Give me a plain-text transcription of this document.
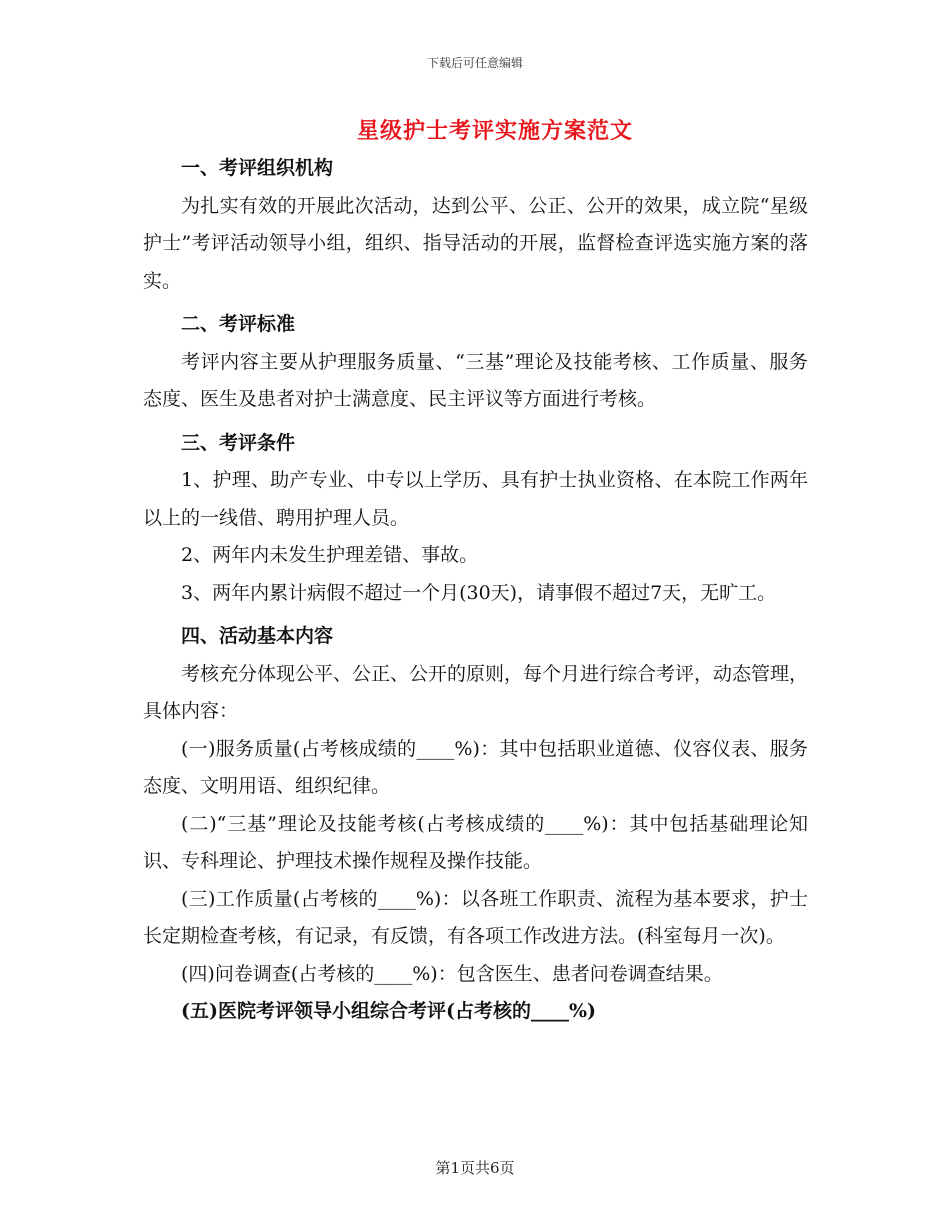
下载后可任意编辑
星级护士考评实施方案范文

一、考评组织机构

为扎实有效的开展此次活动，达到公平、公正、公开的效果，成立院“星级护士”考评活动领导小组，组织、指导活动的开展，监督检查评选实施方案的落实。

二、考评标准

考评内容主要从护理服务质量、“三基”理论及技能考核、工作质量、服务态度、医生及患者对护士满意度、民主评议等方面进行考核。

三、考评条件

1、护理、助产专业、中专以上学历、具有护士执业资格、在本院工作两年以上的一线借、聘用护理人员。

2、两年内未发生护理差错、事故。

3、两年内累计病假不超过一个月(30天)，请事假不超过7天，无旷工。

四、活动基本内容

考核充分体现公平、公正、公开的原则，每个月进行综合考评，动态管理，具体内容：

(一)服务质量(占考核成绩的____%)：其中包括职业道德、仪容仪表、服务态度、文明用语、组织纪律。

(二)“三基”理论及技能考核(占考核成绩的____%)：其中包括基础理论知识、专科理论、护理技术操作规程及操作技能。

(三)工作质量(占考核的____%)：以各班工作职责、流程为基本要求，护士长定期检查考核，有记录，有反馈，有各项工作改进方法。(科室每月一次)。

(四)问卷调查(占考核的____%)：包含医生、患者问卷调查结果。

(五)医院考评领导小组综合考评(占考核的____%)

第1页共6页
